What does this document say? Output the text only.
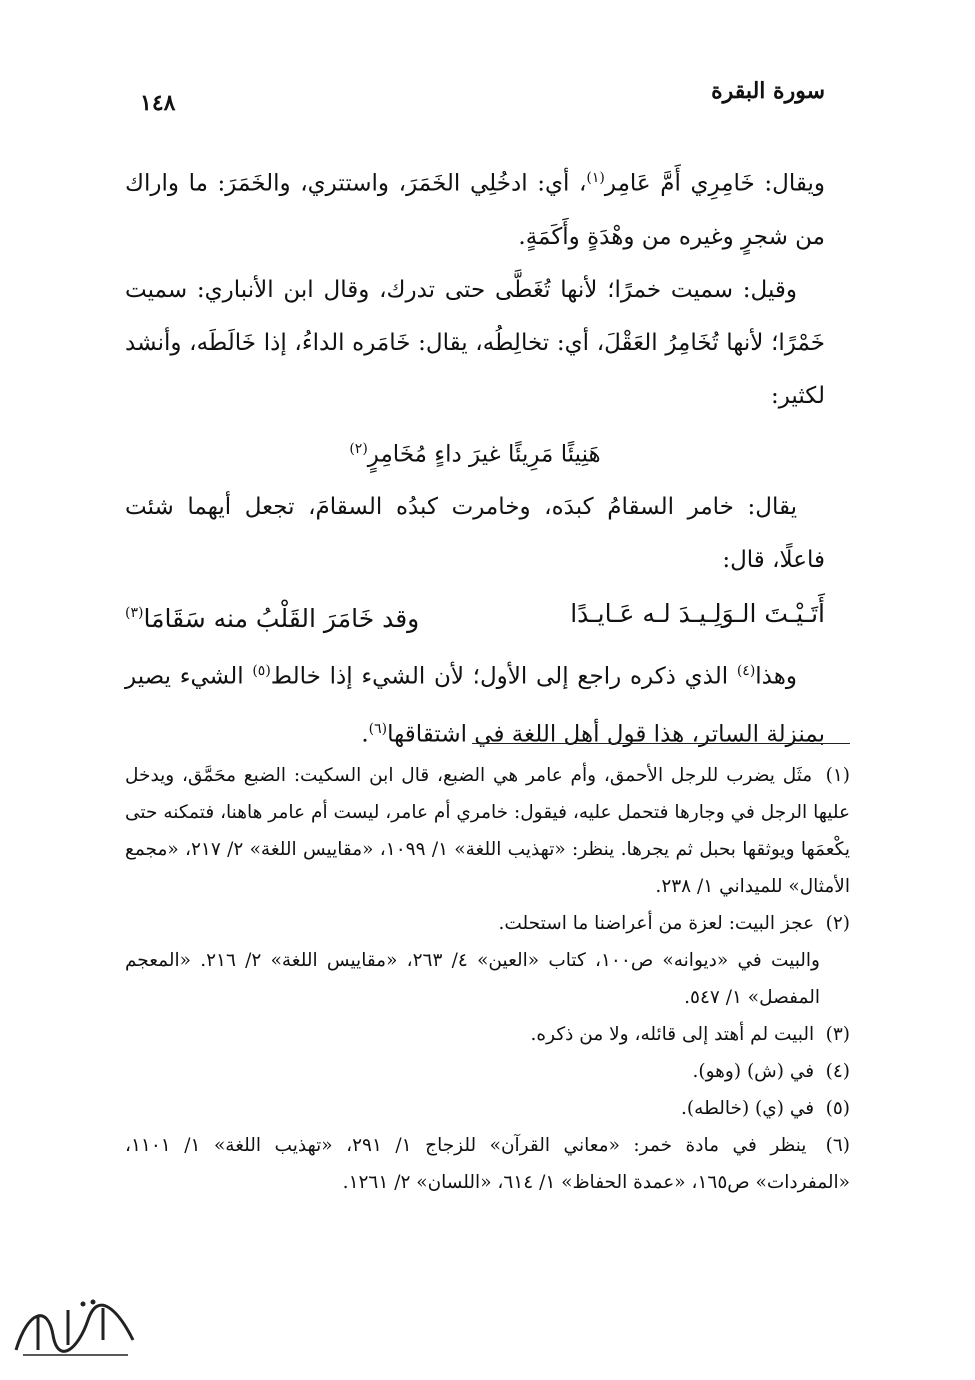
١٤٨	سورة البقرة

ويقال: خَامِرِي أَمَّ عَامِر$^{(١)}$، أي: ادخُلِي الخَمَرَ، واستتري، والخَمَرَ: ما واراك من شجرٍ وغيره من وهْدَةٍ وأَكَمَةٍ.

وقيل: سميت خمرًا؛ لأنها تُغَطَّى حتى تدرك، وقال ابن الأنباري: سميت خَمْرًا؛ لأنها تُخَامِرُ العَقْلَ، أي: تخالِطُه، يقال: خَامَره الداءُ، إذا خَالَطَه، وأنشد لكثير:

هَنِيئًا مَرِيئًا غيرَ داءٍ مُخَامِرٍ$^{(٢)}$

يقال: خامر السقامُ كبدَه، وخامرت كبدُه السقامَ، تجعل أيهما شئت فاعلًا، قال:

أَتَـيْـتَ الـوَلِـيـدَ لـه عَـايـدًا
وقد خَامَرَ القَلْبُ منه سَقَامَا$^{(٣)}$

وهذا$^{(٤)}$ الذي ذكره راجع إلى الأول؛ لأن الشيء إذا خالط$^{(٥)}$ الشيء يصير بمنزلة الساتر، هذا قول أهل اللغة في اشتقاقها$^{(٦)}$.

(١) مثَل يضرب للرجل الأحمق، وأم عامر هي الضبع، قال ابن السكيت: الضبع محَمَّق، ويدخل عليها الرجل في وجارها فتحمل عليه، فيقول: خامري أم عامر، ليست أم عامر هاهنا، فتمكنه حتى يكْعمَها ويوثقها بحبل ثم يجرها. ينظر: «تهذيب اللغة» ١/ ١٠٩٩، «مقاييس اللغة» ٢/ ٢١٧، «مجمع الأمثال» للميداني ١/ ٢٣٨.

(٢) عجز البيت: لعزة من أعراضنا ما استحلت.

والبيت في «ديوانه» ص١٠٠، كتاب «العين» ٤/ ٢٦٣، «مقاييس اللغة» ٢/ ٢١٦. «المعجم المفصل» ١/ ٥٤٧.

(٣) البيت لم أهتد إلى قائله، ولا من ذكره.

(٤) في (ش) (وهو).

(٥) في (ي) (خالطه).

(٦) ينظر في مادة خمر: «معاني القرآن» للزجاج ١/ ٢٩١، «تهذيب اللغة» ١/ ١١٠١، «المفردات» ص١٦٥، «عمدة الحفاظ» ١/ ٦١٤، «اللسان» ٢/ ١٢٦١.
